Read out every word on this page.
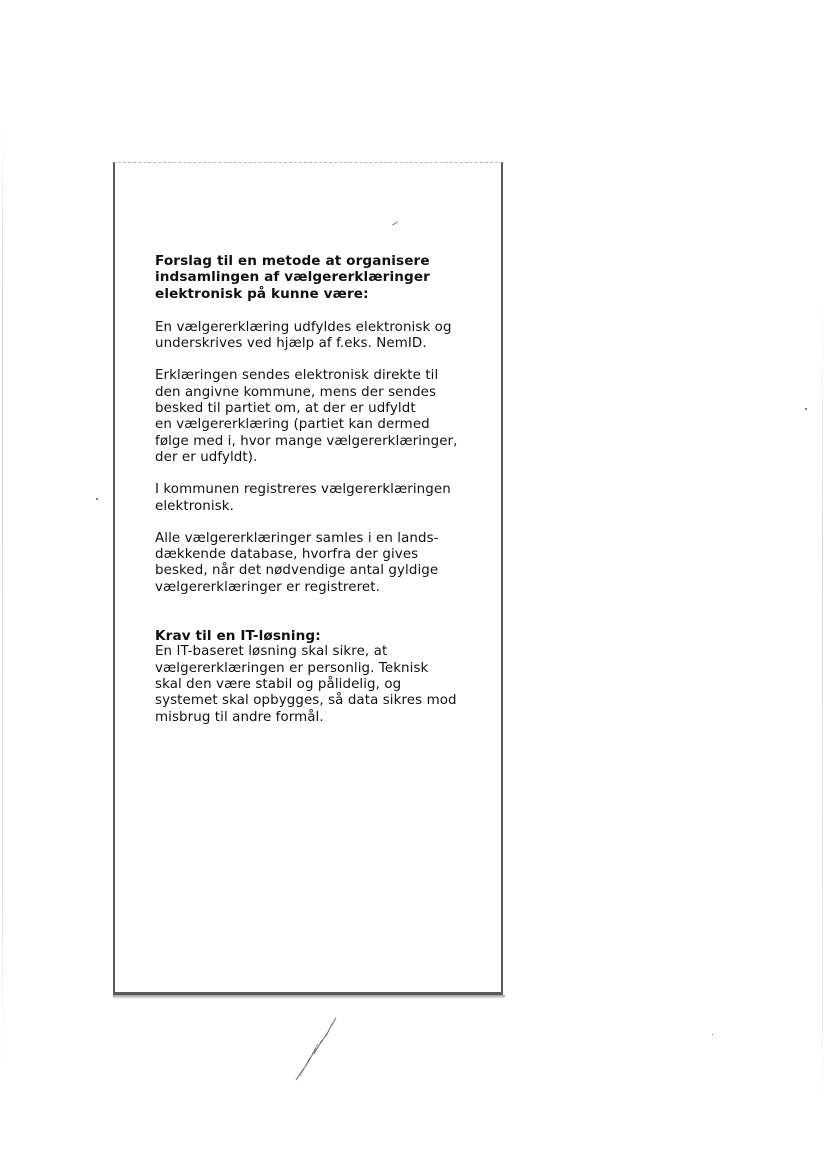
Forslag til en metode at organisere

indsamlingen af vælgererklæringer

elektronisk på kunne være:

En vælgererklæring udfyldes elektronisk og
underskrives ved hjælp af f.eks. NemID.

Erklæringen sendes elektronisk direkte til
den angivne kommune, mens der sendes
besked til partiet om, at der er udfyldt
en vælgererklæring (partiet kan dermed
følge med i, hvor mange vælgererklæringer,
der er udfyldt).

I kommunen registreres vælgererklæringen
elektronisk.

Alle vælgererklæringer samles i en lands-
dækkende database, hvorfra der gives
besked, når det nødvendige antal gyldige
vælgererklæringer er registreret.

Krav til en IT-løsning:

En IT-baseret løsning skal sikre, at
vælgererklæringen er personlig. Teknisk
skal den være stabil og pålidelig, og
systemet skal opbygges, så data sikres mod
misbrug til andre formål.
